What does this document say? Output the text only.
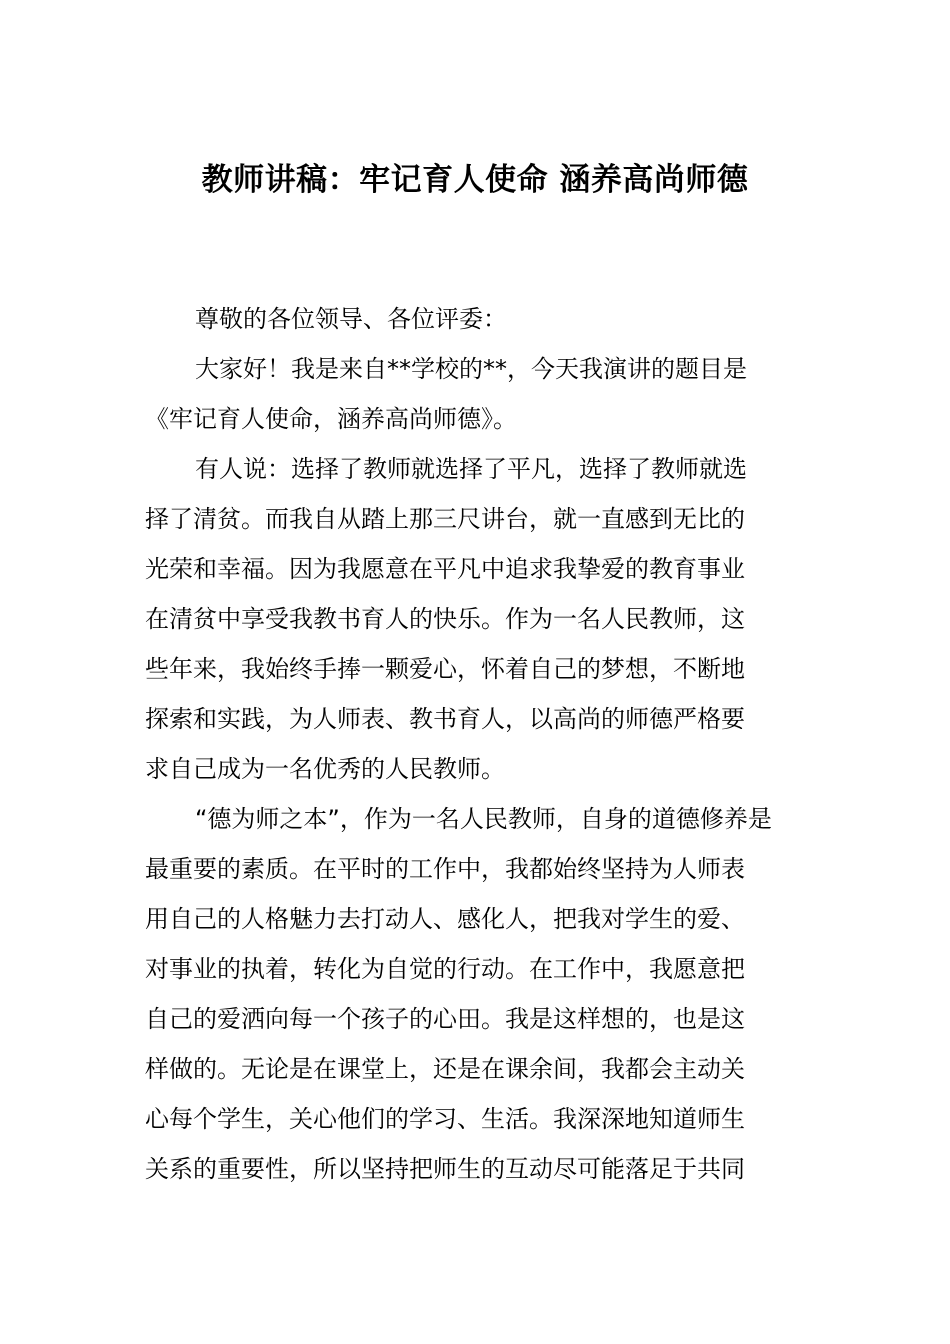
教师讲稿：牢记育人使命 涵养高尚师德
尊敬的各位领导、各位评委：
大家好！我是来自**学校的**，今天我演讲的题目是
《牢记育人使命，涵养高尚师德》。
有人说：选择了教师就选择了平凡，选择了教师就选
择了清贫。而我自从踏上那三尺讲台，就一直感到无比的
光荣和幸福。因为我愿意在平凡中追求我挚爱的教育事业
在清贫中享受我教书育人的快乐。作为一名人民教师，这
些年来，我始终手捧一颗爱心，怀着自己的梦想，不断地
探索和实践，为人师表、教书育人，以高尚的师德严格要
求自己成为一名优秀的人民教师。
“德为师之本”，作为一名人民教师，自身的道德修养是
最重要的素质。在平时的工作中，我都始终坚持为人师表
用自己的人格魅力去打动人、感化人，把我对学生的爱、
对事业的执着，转化为自觉的行动。在工作中，我愿意把
自己的爱洒向每一个孩子的心田。我是这样想的，也是这
样做的。无论是在课堂上，还是在课余间，我都会主动关
心每个学生，关心他们的学习、生活。我深深地知道师生
关系的重要性，所以坚持把师生的互动尽可能落足于共同
